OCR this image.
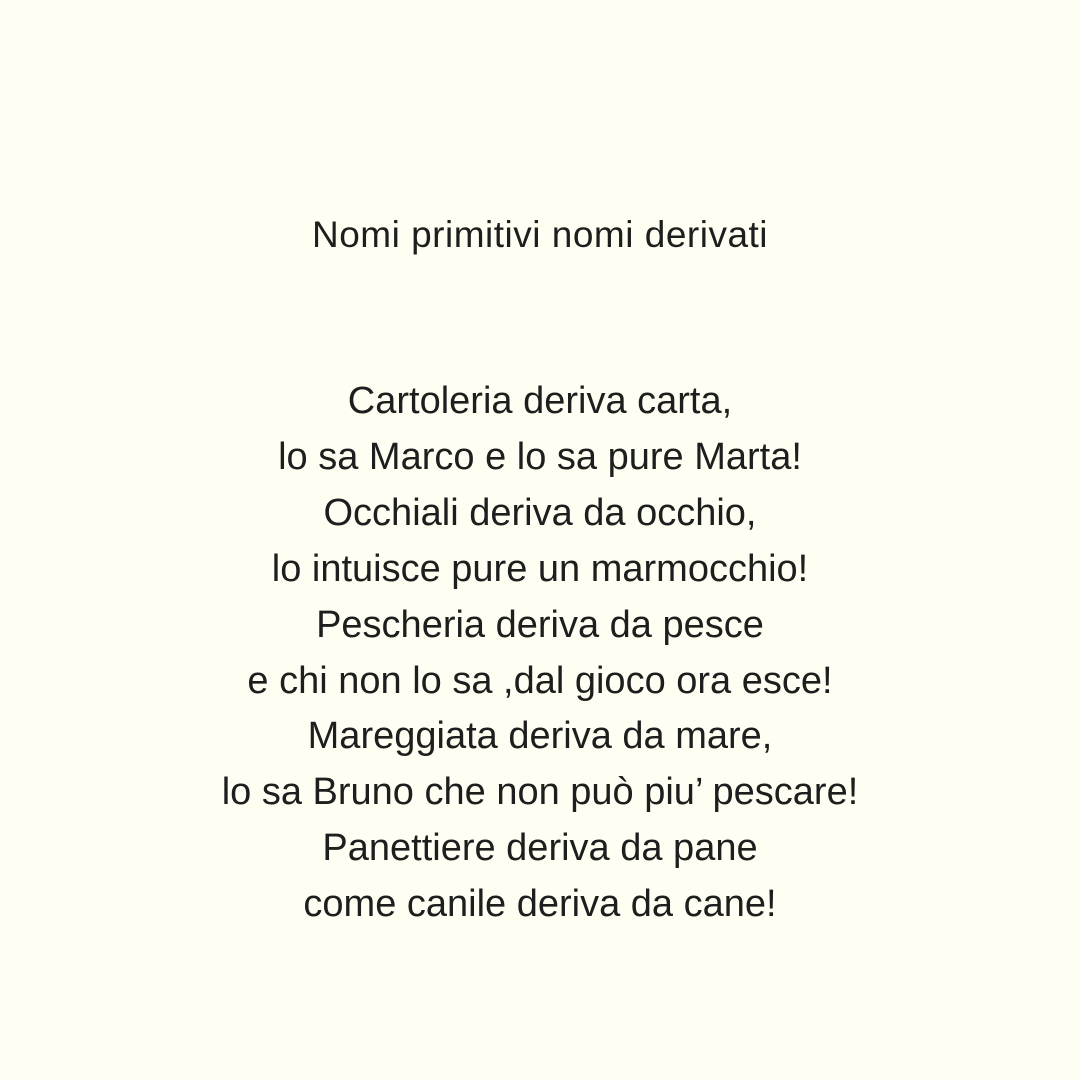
Nomi primitivi nomi derivati
Cartoleria deriva carta,
lo sa Marco e lo sa pure Marta!
Occhiali deriva da occhio,
lo intuisce pure un marmocchio!
Pescheria deriva da pesce
e chi non lo sa ,dal gioco ora esce!
Mareggiata deriva da mare,
lo sa Bruno che non può piu’ pescare!
Panettiere deriva da pane
come canile deriva da cane!
